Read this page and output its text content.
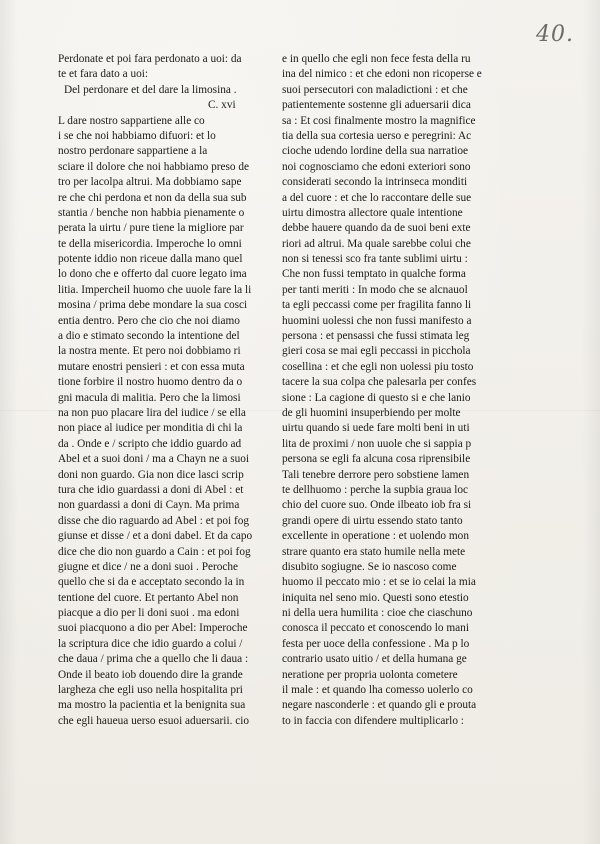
40.
Perdonate et poi fara perdonato a uoi: da
te et fara dato a uoi:
Del perdonare et del dare la limosina .
C. xvi
L dare nostro sappartiene alle co
i se che noi habbiamo difuori: et lo
nostro perdonare sappartiene a la
sciare il dolore che noi habbiamo preso de
tro per lacolpa altrui. Ma dobbiamo sape
re che chi perdona et non da della sua sub
stantia / benche non habbia pienamente o
perata la uirtu / pure tiene la migliore par
te della misericordia. Imperoche lo omni
potente iddio non riceue dalla mano quel
lo dono che e offerto dal cuore legato ima
litia. Impercheil huomo che uuole fare la li
mosina / prima debe mondare la sua cosci
entia dentro. Pero che cio che noi diamo
a dio e stimato secondo la intentione del
la nostra mente. Et pero noi dobbiamo ri
mutare enostri pensieri : et con essa muta
tione forbire il nostro huomo dentro da o
gni macula di malitia. Pero che la limosi
na non puo placare lira del iudice / se ella
non piace al iudice per monditia di chi la
da . Onde e / scripto che iddio guardo ad
Abel et a suoi doni / ma a Chayn ne a suoi
doni non guardo. Gia non dice lasci scrip
tura che idio guardassi a doni di Abel : et
non guardassi a doni di Cayn. Ma prima
disse che dio raguardo ad Abel : et poi fog
giunse et disse / et a doni dabel. Et da capo
dice che dio non guardo a Cain : et poi fog
giugne et dice / ne a doni suoi . Peroche
quello che si da e acceptato secondo la in
tentione del cuore. Et pertanto Abel non
piacque a dio per li doni suoi . ma edoni
suoi piacquono a dio per Abel: Imperoche
la scriptura dice che idio guardo a colui /
che daua / prima che a quello che li daua :
Onde il beato iob douendo dire la grande
largheza che egli uso nella hospitalita pri
ma mostro la pacientia et la benignita sua
che egli haueua uerso esuoi aduersarii. cio
e in quello che egli non fece festa della ru
ina del nimico : et che edoni non ricoperse e
suoi persecutori con maladictioni : et che
patientemente sostenne gli aduersarii dica
sa : Et cosi finalmente mostro la magnifice
tia della sua cortesia uerso e peregrini: Ac
cioche udendo lordine della sua narratioe
noi cognosciamo che edoni exteriori sono
considerati secondo la intrinseca monditi
a del cuore : et che lo raccontare delle sue
uirtu dimostra allectore quale intentione
debbe hauere quando da de suoi beni exte
riori ad altrui. Ma quale sarebbe colui che
non si tenessi sco fra tante sublimi uirtu :
Che non fussi temptato in qualche forma
per tanti meriti : In modo che se alcnauol
ta egli peccassi come per fragilita fanno li
huomini uolessi che non fussi manifesto a
persona : et pensassi che fussi stimata leg
gieri cosa se mai egli peccassi in picchola
cosellina : et che egli non uolessi piu tosto
tacere la sua colpa che palesarla per confes
sione : La cagione di questo si e che lanio
de gli huomini insuperbiendo per molte
uirtu quando si uede fare molti beni in uti
lita de proximi / non uuole che si sappia p
persona se egli fa alcuna cosa riprensibile
Tali tenebre derrore pero sobstiene lamen
te dellhuomo : perche la supbia graua loc
chio del cuore suo. Onde ilbeato iob fra si
grandi opere di uirtu essendo stato tanto
excellente in operatione : et uolendo mon
strare quanto era stato humile nella mete
disubito sogiugne. Se io nascoso come
huomo il peccato mio : et se io celai la mia
iniquita nel seno mio. Questi sono etestio
ni della uera humilita : cioe che ciaschuno
conosca il peccato et conoscendo lo mani
festa per uoce della confessione . Ma p lo
contrario usato uitio / et della humana ge
neratione per propria uolonta cometere
il male : et quando lha comesso uolerlo co
negare nasconderle : et quando gli e prouta
to in faccia con difendere multiplicarlo :
